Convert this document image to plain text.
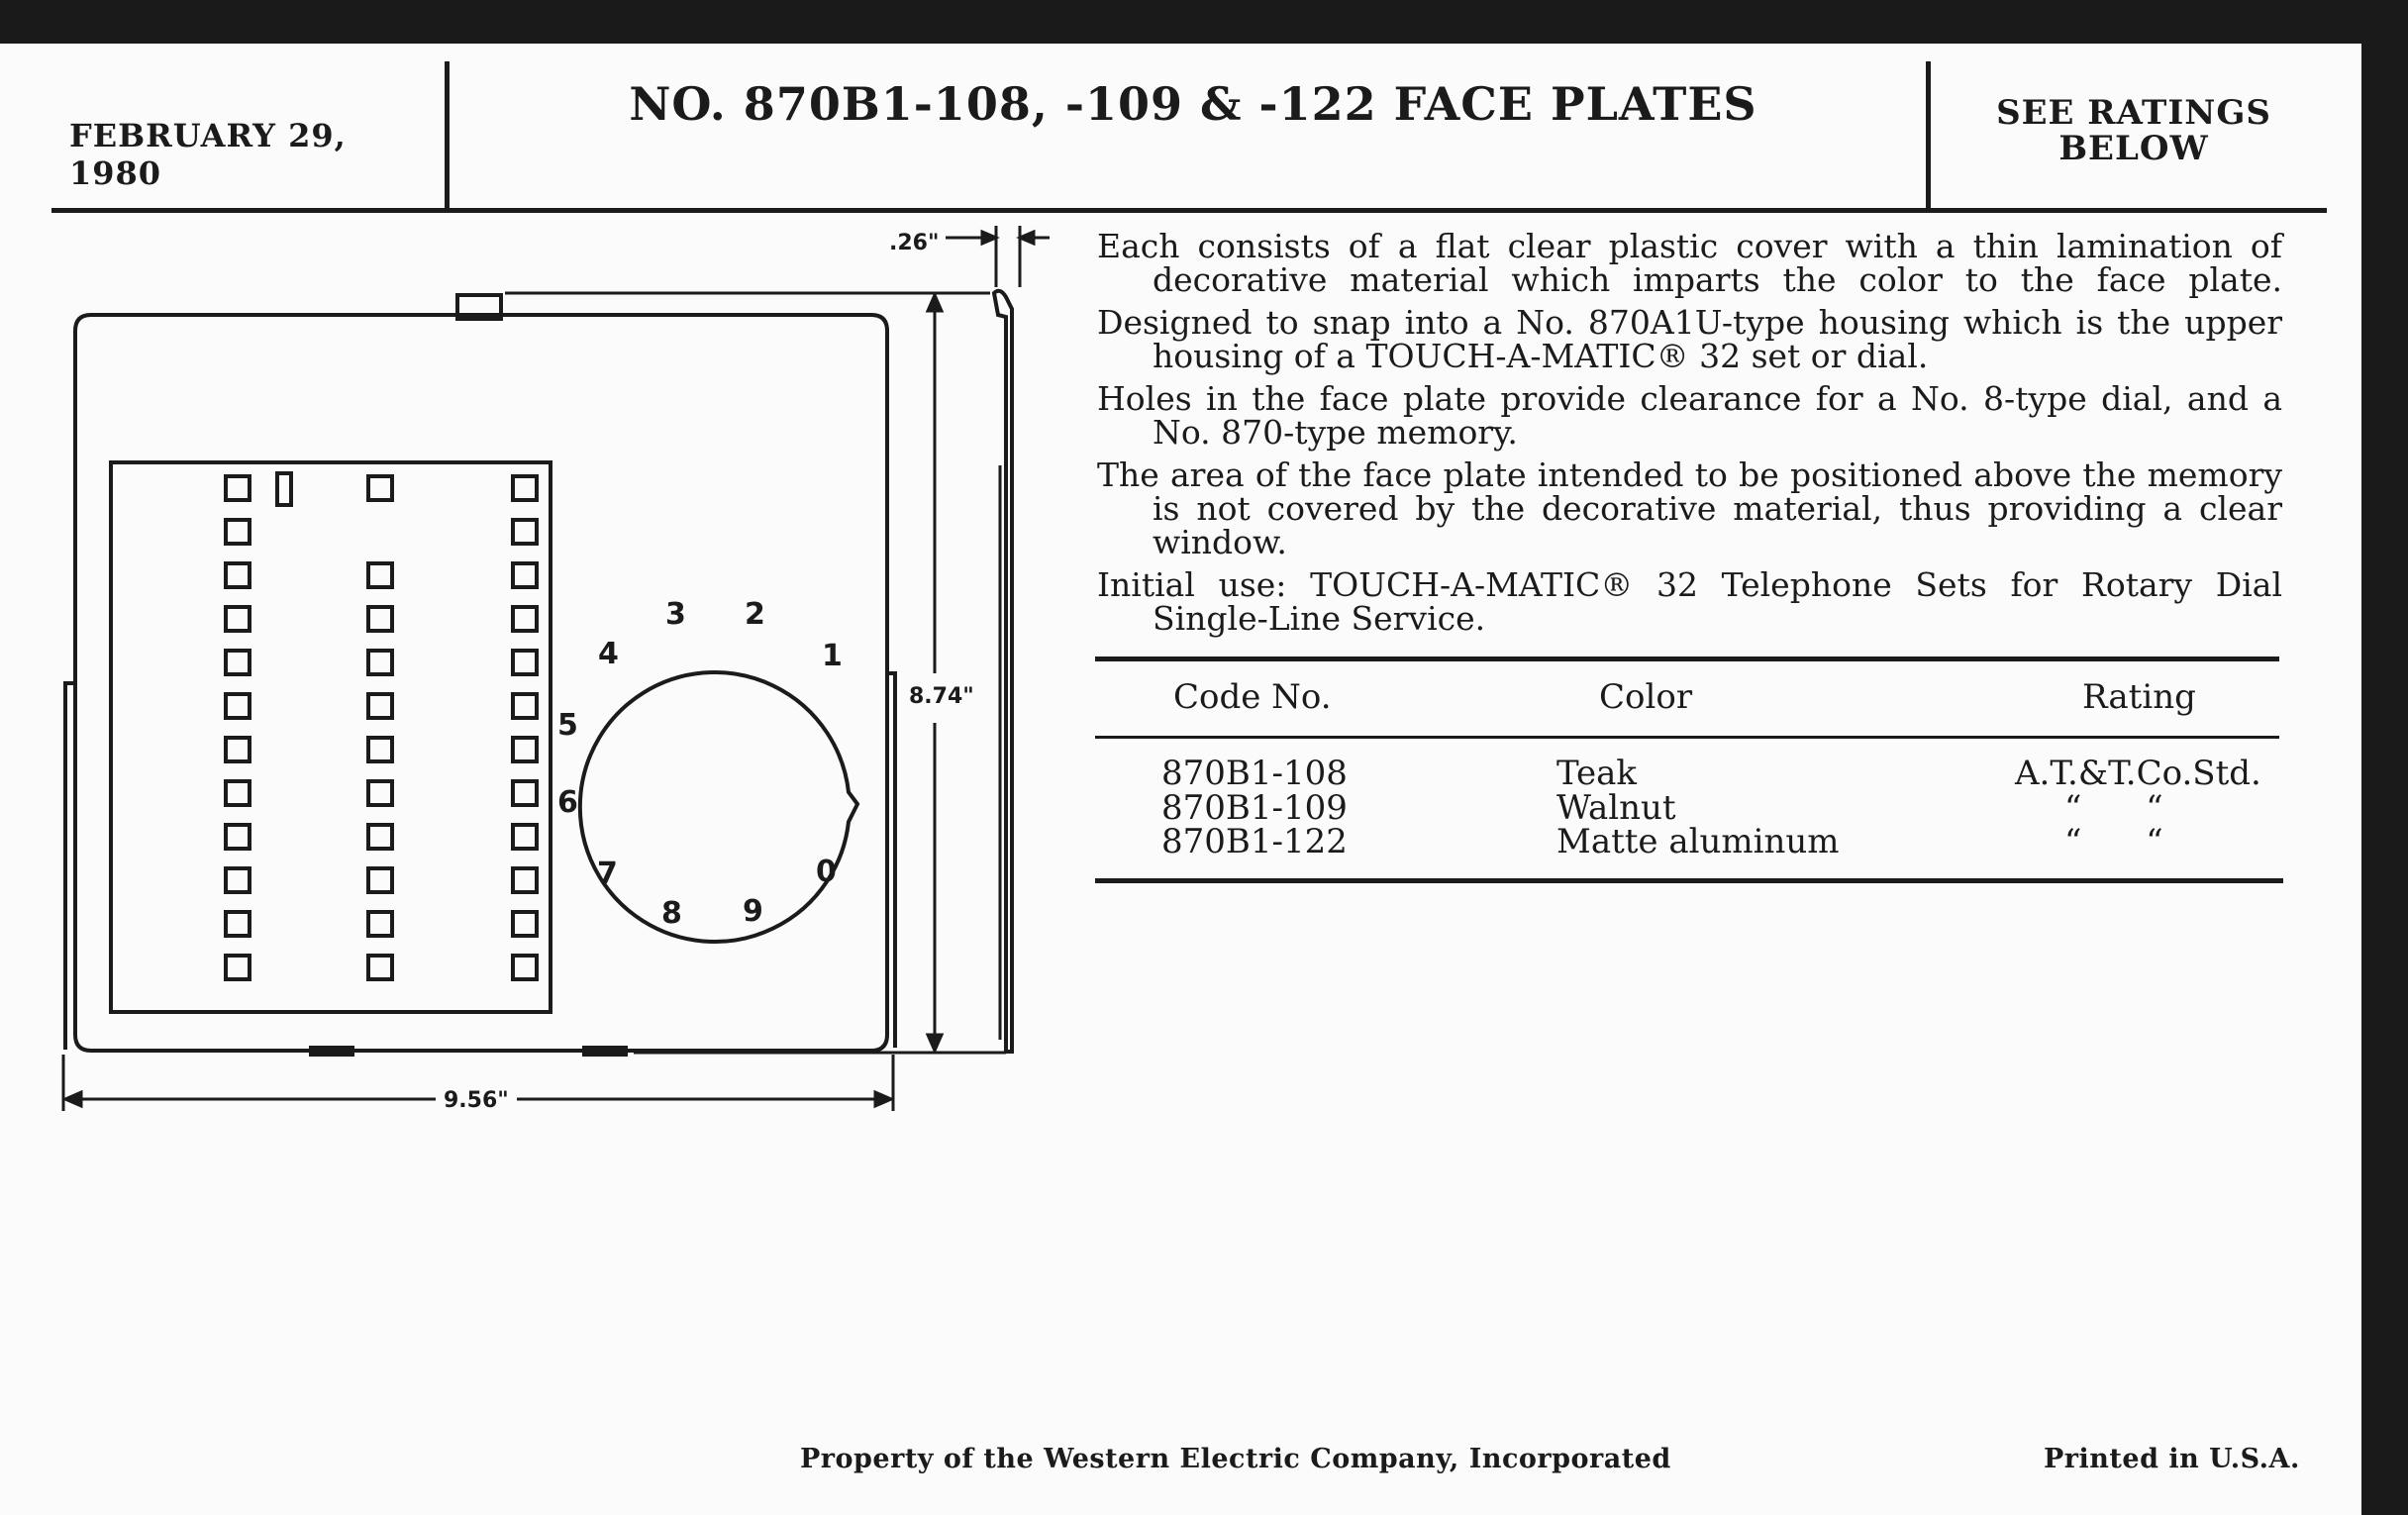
FEBRUARY 29, 1980
NO. 870B1-108, -109 & -122 FACE PLATES	SEE RATINGS
BELOW
.26"
8.74"
9.56"
1
2
3
4
5
6
7
8 9
0

Each consists of a flat clear plastic cover with a thin lamination of decorative material which imparts the color to the face plate.

Designed to snap into a No. 870A1U-type housing which is the upper housing of a TOUCH-A-MATIC® 32 set or dial.

Holes in the face plate provide clearance for a No. 8-type dial, and a No. 870-type memory.

The area of the face plate intended to be positioned above the memory is not covered by the decorative material, thus providing a clear window.

Initial use: TOUCH-A-MATIC® 32 Telephone Sets for Rotary Dial Single-Line Service.

Code No.	Color	Rating
870B1-108	Teak	A.T.&T.Co.Std.
870B1-109	Walnut	“      “
870B1-122	Matte aluminum	“      “
Property of the Western Electric Company, Incorporated	Printed in U.S.A.
